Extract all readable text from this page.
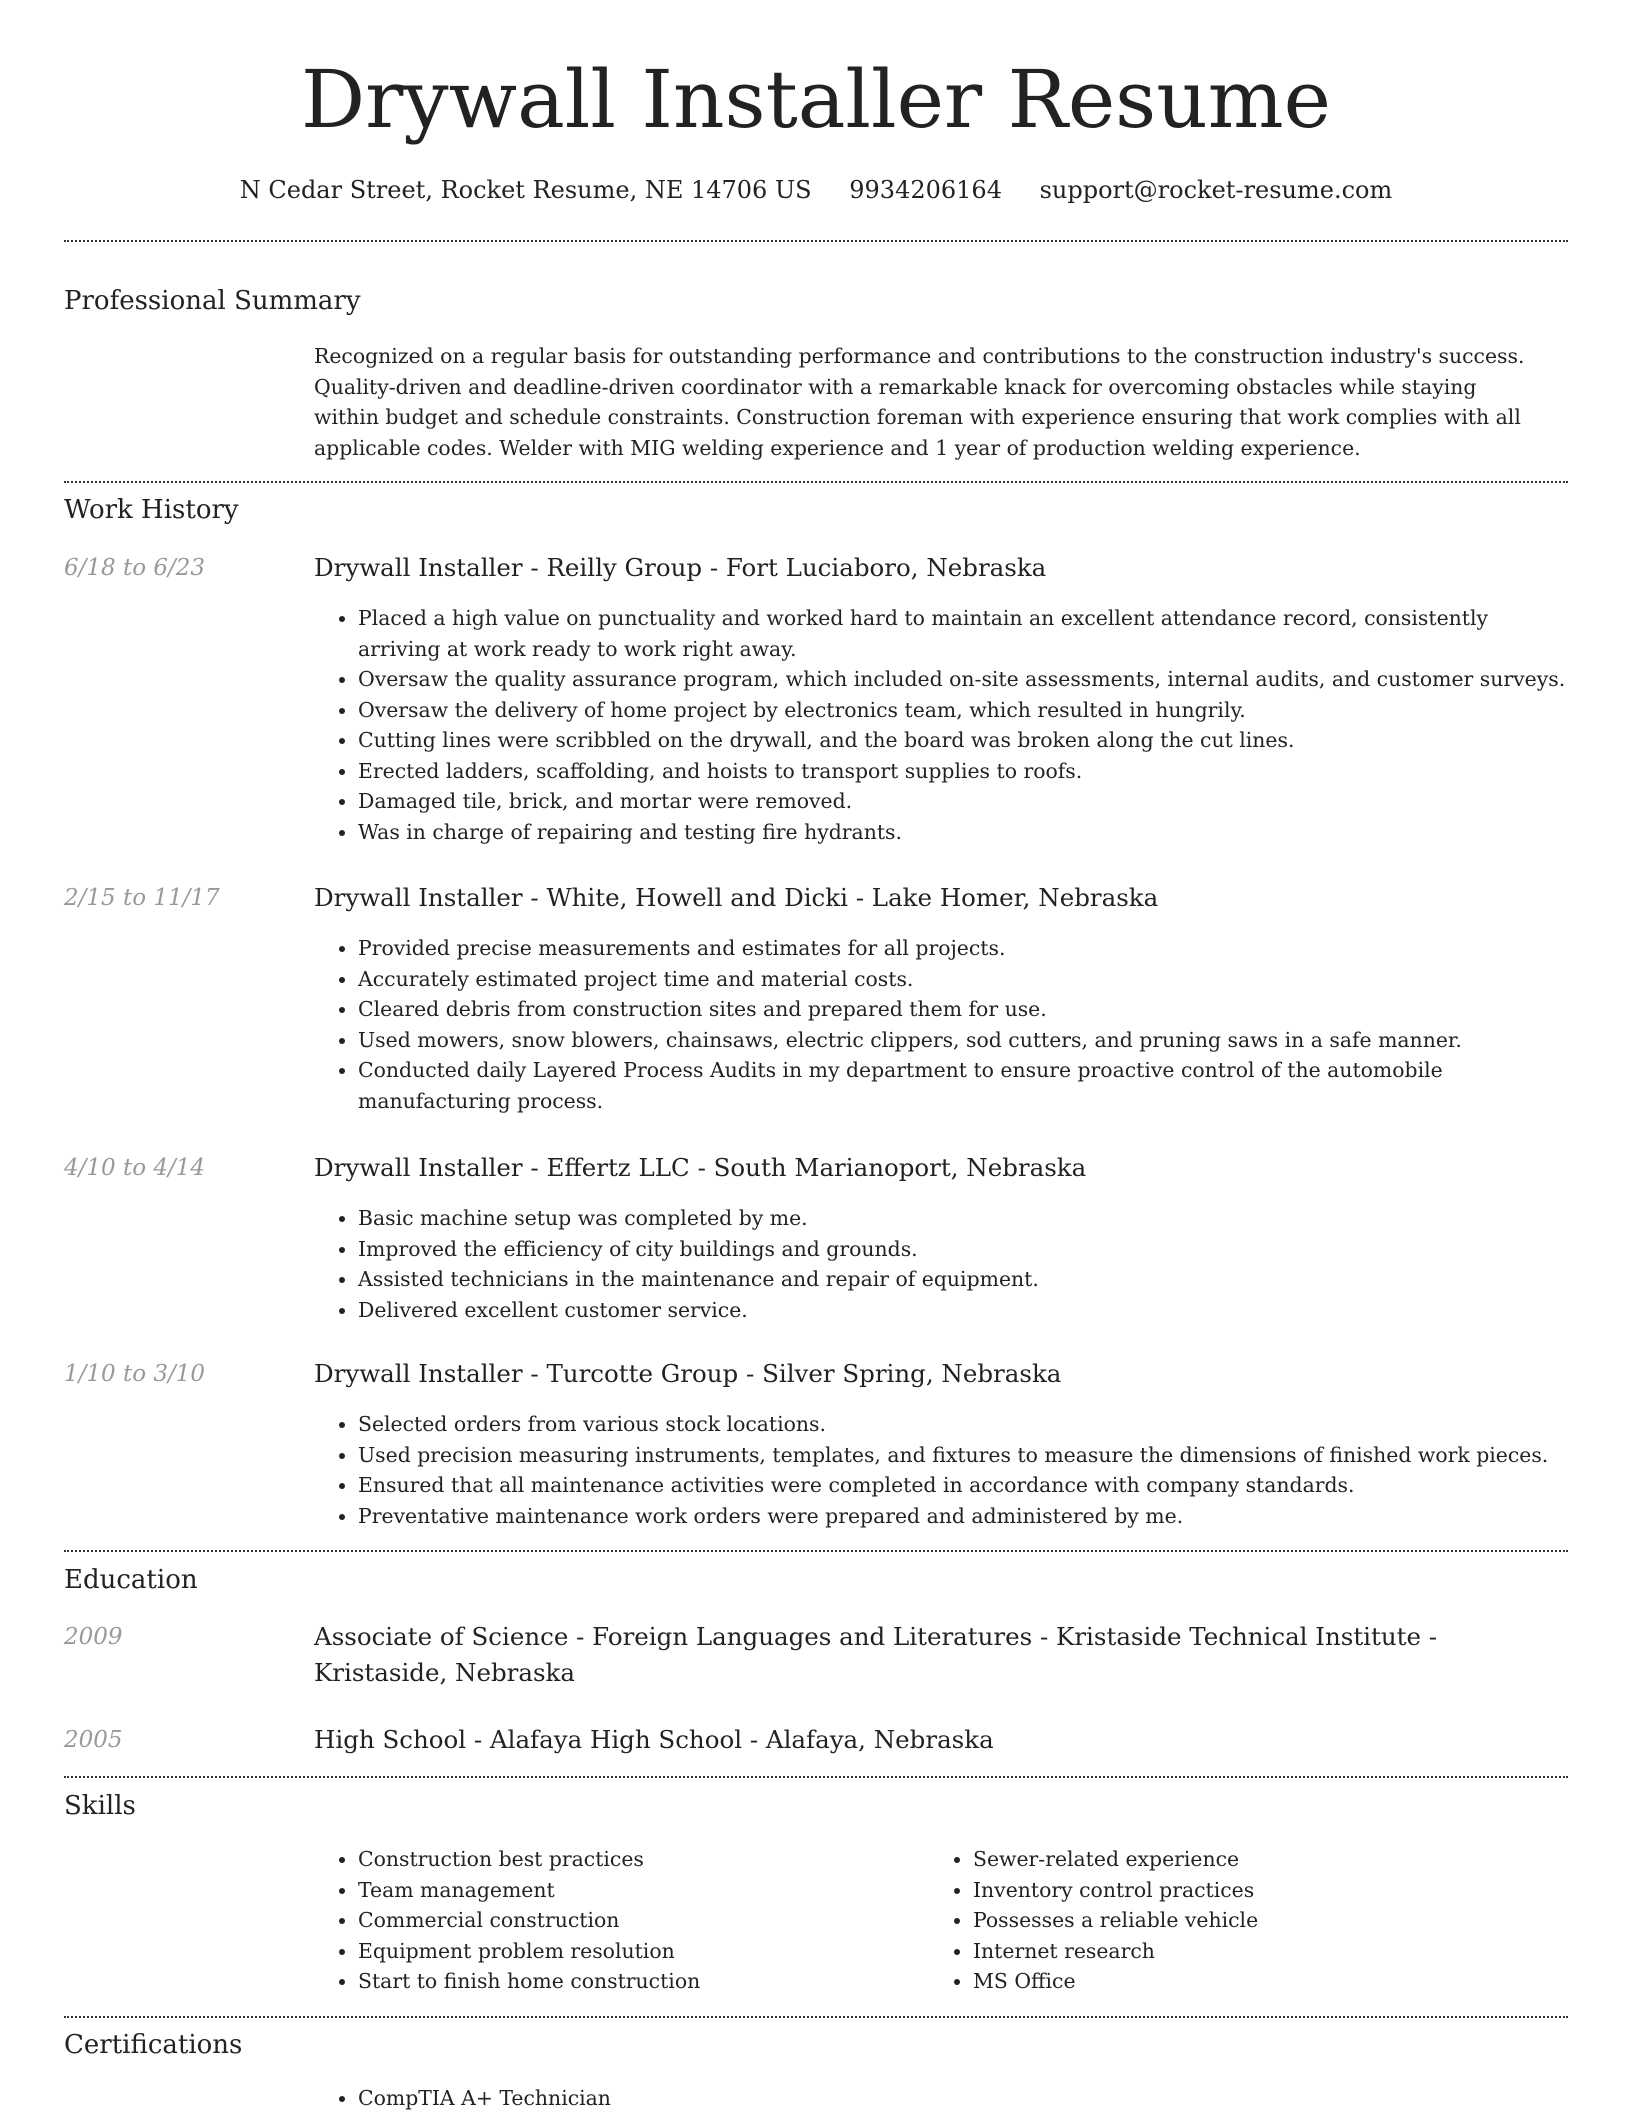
Drywall Installer Resume
N Cedar Street, Rocket Resume, NE 14706 US 9934206164 support@rocket-resume.com
Professional Summary

Recognized on a regular basis for outstanding performance and contributions to the construction industry's success. Quality-driven and deadline-driven coordinator with a remarkable knack for overcoming obstacles while staying within budget and schedule constraints. Construction foreman with experience ensuring that work complies with all applicable codes. Welder with MIG welding experience and 1 year of production welding experience.

Work History
6/18 to 6/23	Drywall Installer - Reilly Group - Fort Luciaboro, Nebraska
• Placed a high value on punctuality and worked hard to maintain an excellent attendance record, consistently arriving at work ready to work right away.
• Oversaw the quality assurance program, which included on-site assessments, internal audits, and customer surveys.
• Oversaw the delivery of home project by electronics team, which resulted in hungrily.
• Cutting lines were scribbled on the drywall, and the board was broken along the cut lines.
• Erected ladders, scaffolding, and hoists to transport supplies to roofs.
• Damaged tile, brick, and mortar were removed.
• Was in charge of repairing and testing fire hydrants.
2/15 to 11/17	Drywall Installer - White, Howell and Dicki - Lake Homer, Nebraska
• Provided precise measurements and estimates for all projects.
• Accurately estimated project time and material costs.
• Cleared debris from construction sites and prepared them for use.
• Used mowers, snow blowers, chainsaws, electric clippers, sod cutters, and pruning saws in a safe manner.
• Conducted daily Layered Process Audits in my department to ensure proactive control of the automobile manufacturing process.
4/10 to 4/14	Drywall Installer - Effertz LLC - South Marianoport, Nebraska
• Basic machine setup was completed by me.
• Improved the efficiency of city buildings and grounds.
• Assisted technicians in the maintenance and repair of equipment.
• Delivered excellent customer service.
1/10 to 3/10	Drywall Installer - Turcotte Group - Silver Spring, Nebraska
• Selected orders from various stock locations.
• Used precision measuring instruments, templates, and fixtures to measure the dimensions of finished work pieces.
• Ensured that all maintenance activities were completed in accordance with company standards.
• Preventative maintenance work orders were prepared and administered by me.
Education
2009	Associate of Science - Foreign Languages and Literatures - Kristaside Technical Institute - Kristaside, Nebraska
2005	High School - Alafaya High School - Alafaya, Nebraska
Skills
• Construction best practices
• Team management
• Commercial construction
• Equipment problem resolution
• Start to finish home construction
• Sewer-related experience
• Inventory control practices
• Possesses a reliable vehicle
• Internet research
• MS Office
Certifications
• CompTIA A+ Technician
